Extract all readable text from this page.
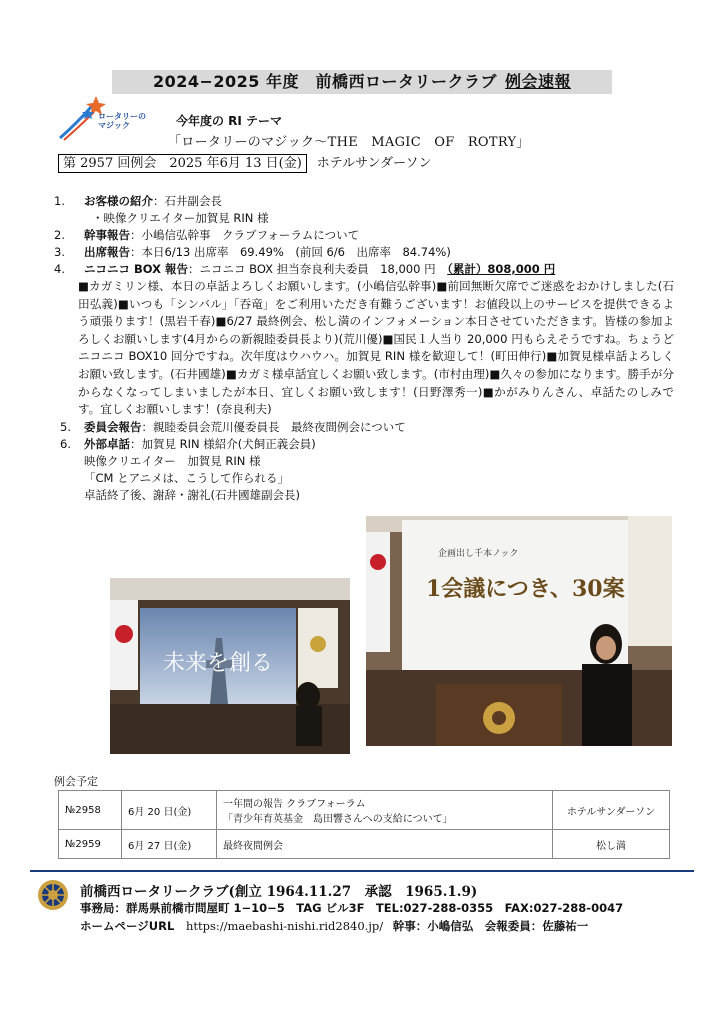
2024−2025 年度　前橋西ロータリークラブ 例会速報
ロータリーの
マジック	今年度の RI テーマ
「ロータリーのマジック～THE　MAGIC　OF　ROTRY」
第 2957 回例会　2025 年6月 13 日(金) ホテルサンダーソン
1.	お客様の紹介：石井副会長
・映像クリエイター加賀見 RIN 様
2.	幹事報告：小嶋信弘幹事　クラブフォーラムについて
3.	出席報告：本日6/13 出席率　69.49%　(前回 6/6　出席率　84.74%)
4.	ニコニコ BOX 報告：ニコニコ BOX 担当奈良利夫委員　18,000 円　（累計）808,000 円
■カガミリン様、本日の卓話よろしくお願いします。(小嶋信弘幹事)■前回無断欠席でご迷惑をおかけしました(石田弘義)■いつも「シンバル」「吞竜」をご利用いただき有難うございます！お値段以上のサービスを提供できるよう頑張ります！(黒岩千春)■6/27 最終例会、松し満のインフォメーション本日させていただきます。皆様の参加よろしくお願いします(4月からの新親睦委員長より)(荒川優)■国民１人当り 20,000 円もらえそうですね。ちょうどニコニコ BOX10 回分ですね。次年度はウハウハ。加賀見 RIN 様を歓迎して！(町田伸行)■加賀見様卓話よろしくお願い致します。(石井國雄)■カガミ様卓話宜しくお願い致します。(市村由理)■久々の参加になります。勝手が分からなくなってしまいましたが本日、宜しくお願い致します！(日野澤秀一)■かがみりんさん、卓話たのしみです。宜しくお願いします！(奈良利夫)
5.	委員会報告：親睦委員会荒川優委員長　最終夜間例会について
6.	外部卓話：加賀見 RIN 様紹介(犬飼正義会員)
映像クリエイター　加賀見 RIN 様
「CM とアニメは、こうして作られる」
卓話終了後、謝辞・謝礼(石井國雄副会長)
未来を創る
企画出し千本ノック
1会議につき、30案
例会予定
№2958	6月 20 日(金)	一年間の報告 クラブフォーラム
「青少年育英基金　島田響さんへの支給について」	ホテルサンダーソン
№2959	6月 27 日(金)	最終夜間例会	松し満
前橋西ロータリークラブ(創立 1964.11.27　承認　1965.1.9)
事務局：群馬県前橋市問屋町 1−10−5　TAG ビル3F　TEL:027-288-0355　FAX:027-288-0047
ホームページURL https://maebashi-nishi.rid2840.jp/ 幹事：小嶋信弘　会報委員：佐藤祐一
